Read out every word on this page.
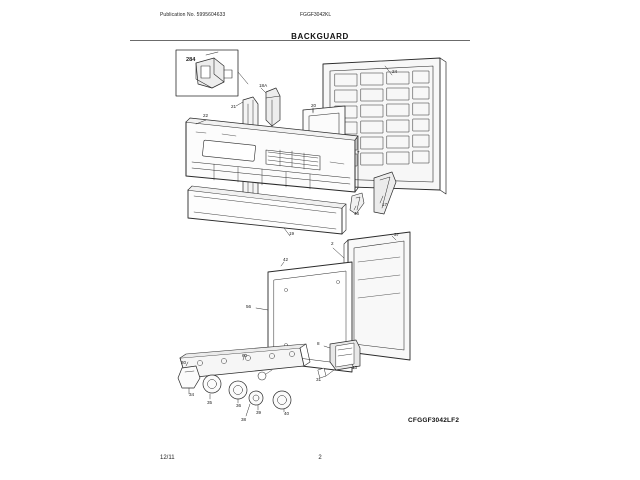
Publication No. 5995604633	FGGF3042KL
BACKGUARD
284
18A
24
21	20
22
7
46
17
19
2
37
42
56
8
33
31
30
60
34
35
36
38
39	40
CFGGF3042LF2
12/11	2
